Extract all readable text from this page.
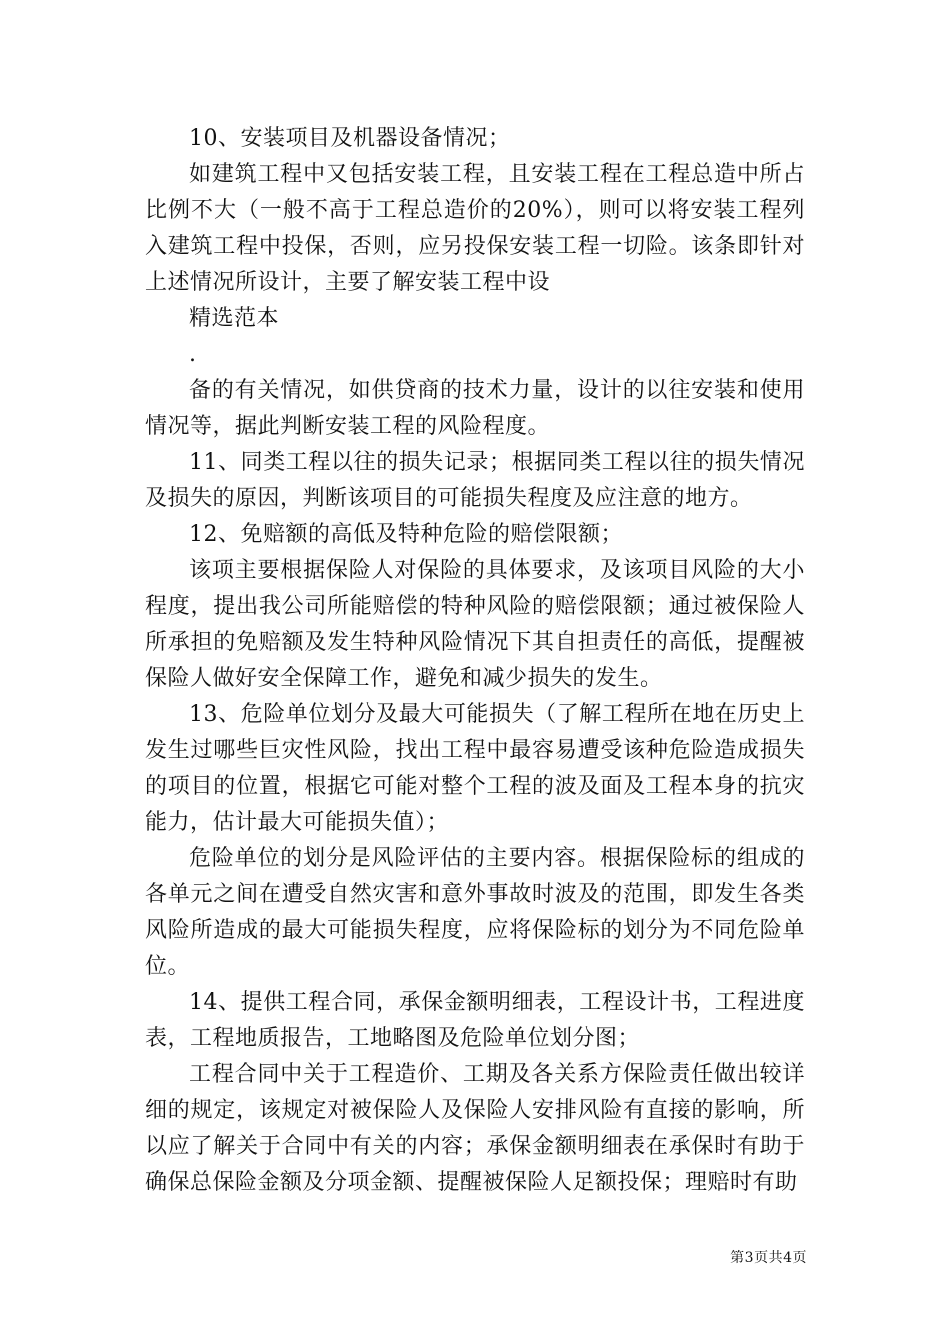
10、安装项目及机器设备情况；

如建筑工程中又包括安装工程，且安装工程在工程总造中所占比例不大（一般不高于工程总造价的20%），则可以将安装工程列入建筑工程中投保，否则，应另投保安装工程一切险。该条即针对上述情况所设计，主要了解安装工程中设

精选范本

.

备的有关情况，如供贷商的技术力量，设计的以往安装和使用情况等，据此判断安装工程的风险程度。

11、同类工程以往的损失记录；根据同类工程以往的损失情况及损失的原因，判断该项目的可能损失程度及应注意的地方。

12、免赔额的高低及特种危险的赔偿限额；

该项主要根据保险人对保险的具体要求，及该项目风险的大小程度，提出我公司所能赔偿的特种风险的赔偿限额；通过被保险人所承担的免赔额及发生特种风险情况下其自担责任的高低，提醒被保险人做好安全保障工作，避免和减少损失的发生。

13、危险单位划分及最大可能损失（了解工程所在地在历史上发生过哪些巨灾性风险，找出工程中最容易遭受该种危险造成损失的项目的位置，根据它可能对整个工程的波及面及工程本身的抗灾能力，估计最大可能损失值）；

危险单位的划分是风险评估的主要内容。根据保险标的组成的各单元之间在遭受自然灾害和意外事故时波及的范围，即发生各类风险所造成的最大可能损失程度，应将保险标的划分为不同危险单位。

14、提供工程合同，承保金额明细表，工程设计书，工程进度表，工程地质报告，工地略图及危险单位划分图；

工程合同中关于工程造价、工期及各关系方保险责任做出较详细的规定，该规定对被保险人及保险人安排风险有直接的影响，所以应了解关于合同中有关的内容；承保金额明细表在承保时有助于确保总保险金额及分项金额、提醒被保险人足额投保；理赔时有助

第3页共4页
